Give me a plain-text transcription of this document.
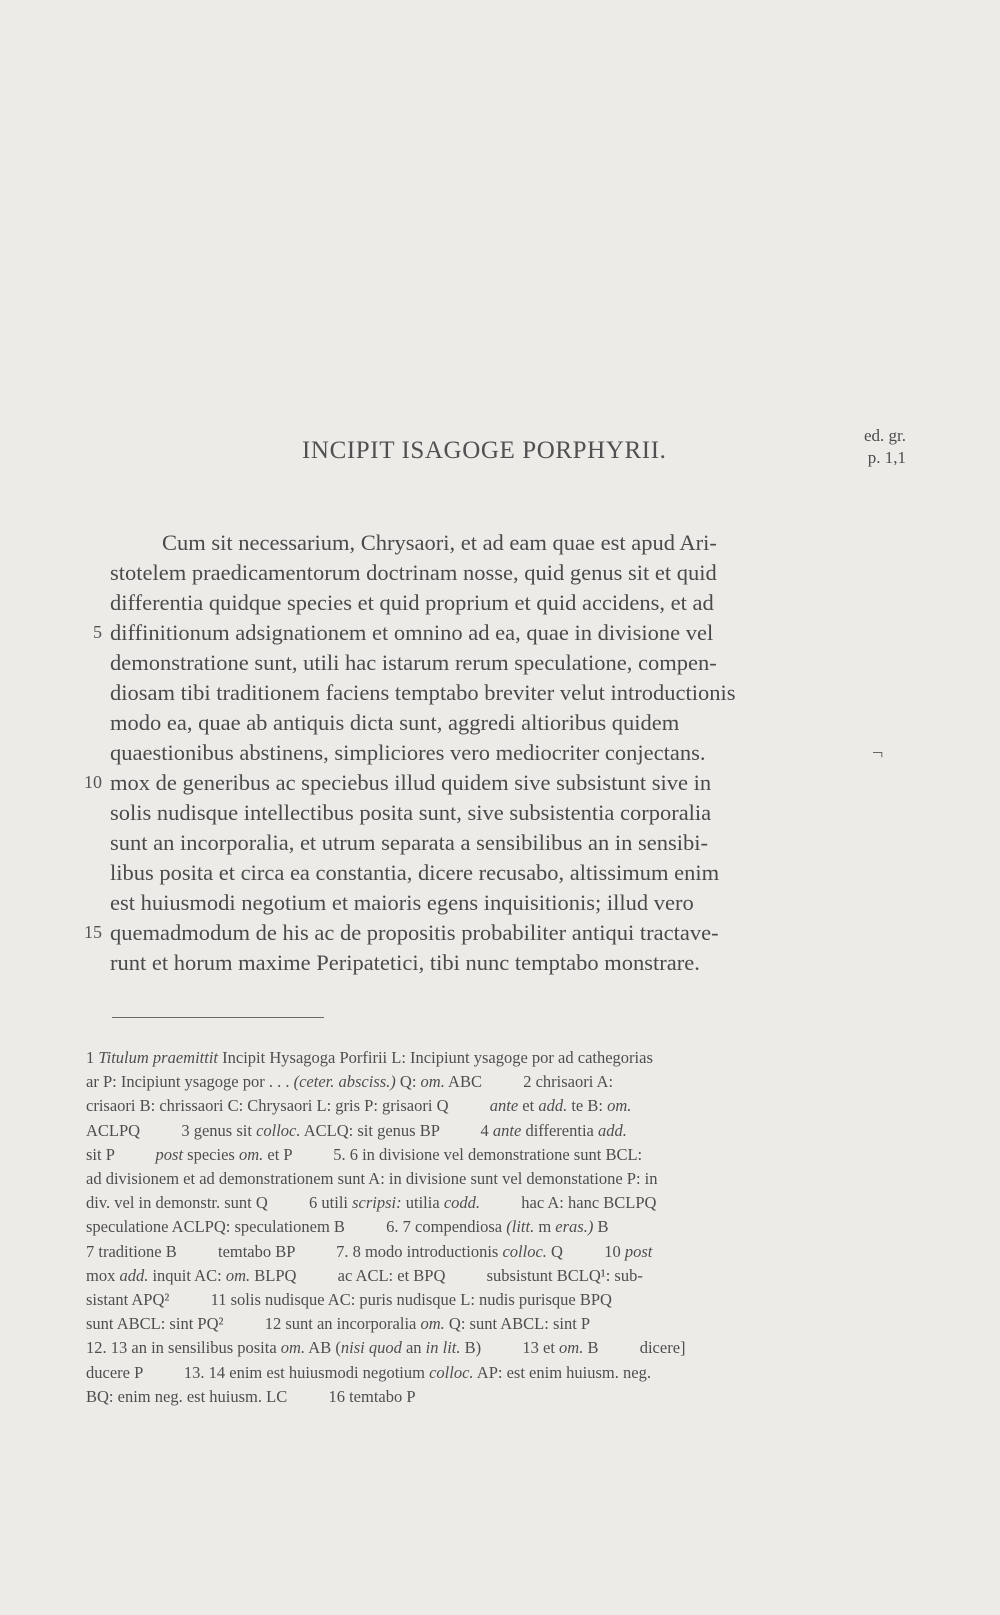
INCIPIT ISAGOGE PORPHYRII.
ed. gr.
p. 1,1
Cum sit necessarium, Chrysaori, et ad eam quae est apud Ari-
stotelem praedicamentorum doctrinam nosse, quid genus sit et quid
differentia quidque species et quid proprium et quid accidens, et ad
diffinitionum adsignationem et omnino ad ea, quae in divisione vel
demonstratione sunt, utili hac istarum rerum speculatione, compen-
diosam tibi traditionem faciens temptabo breviter velut introductionis
modo ea, quae ab antiquis dicta sunt, aggredi altioribus quidem
quaestionibus abstinens, simpliciores vero mediocriter conjectans.
mox de generibus ac speciebus illud quidem sive subsistunt sive in
solis nudisque intellectibus posita sunt, sive subsistentia corporalia
sunt an incorporalia, et utrum separata a sensibilibus an in sensibi-
libus posita et circa ea constantia, dicere recusabo, altissimum enim
est huiusmodi negotium et maioris egens inquisitionis; illud vero
quemadmodum de his ac de propositis probabiliter antiqui tractave-
runt et horum maxime Peripatetici, tibi nunc temptabo monstrare.
5
10
15
¬
1 Titulum praemittit Incipit Hysagoga Porfirii L: Incipiunt ysagoge por ad cathegorias
ar P: Incipiunt ysagoge por . . . (ceter. absciss.) Q: om. ABC          2 chrisaori A:
crisaori B: chrissaori C: Chrysaori L: gris P: grisaori Q          ante et add. te B: om.
ACLPQ          3 genus sit colloc. ACLQ: sit genus BP          4 ante differentia add.
sit P          post species om. et P          5. 6 in divisione vel demonstratione sunt BCL:
ad divisionem et ad demonstrationem sunt A: in divisione sunt vel demonstatione P: in
div. vel in demonstr. sunt Q          6 utili scripsi: utilia codd.          hac A: hanc BCLPQ
speculatione ACLPQ: speculationem B          6. 7 compendiosa (litt. m eras.) B
7 traditione B          temtabo BP          7. 8 modo introductionis colloc. Q          10 post
mox add. inquit AC: om. BLPQ          ac ACL: et BPQ          subsistunt BCLQ¹: sub-
sistant APQ²          11 solis nudisque AC: puris nudisque L: nudis purisque BPQ
sunt ABCL: sint PQ²          12 sunt an incorporalia om. Q: sunt ABCL: sint P
12. 13 an in sensilibus posita om. AB (nisi quod an in lit. B)          13 et om. B          dicere]
ducere P          13. 14 enim est huiusmodi negotium colloc. AP: est enim huiusm. neg.
BQ: enim neg. est huiusm. LC          16 temtabo P
